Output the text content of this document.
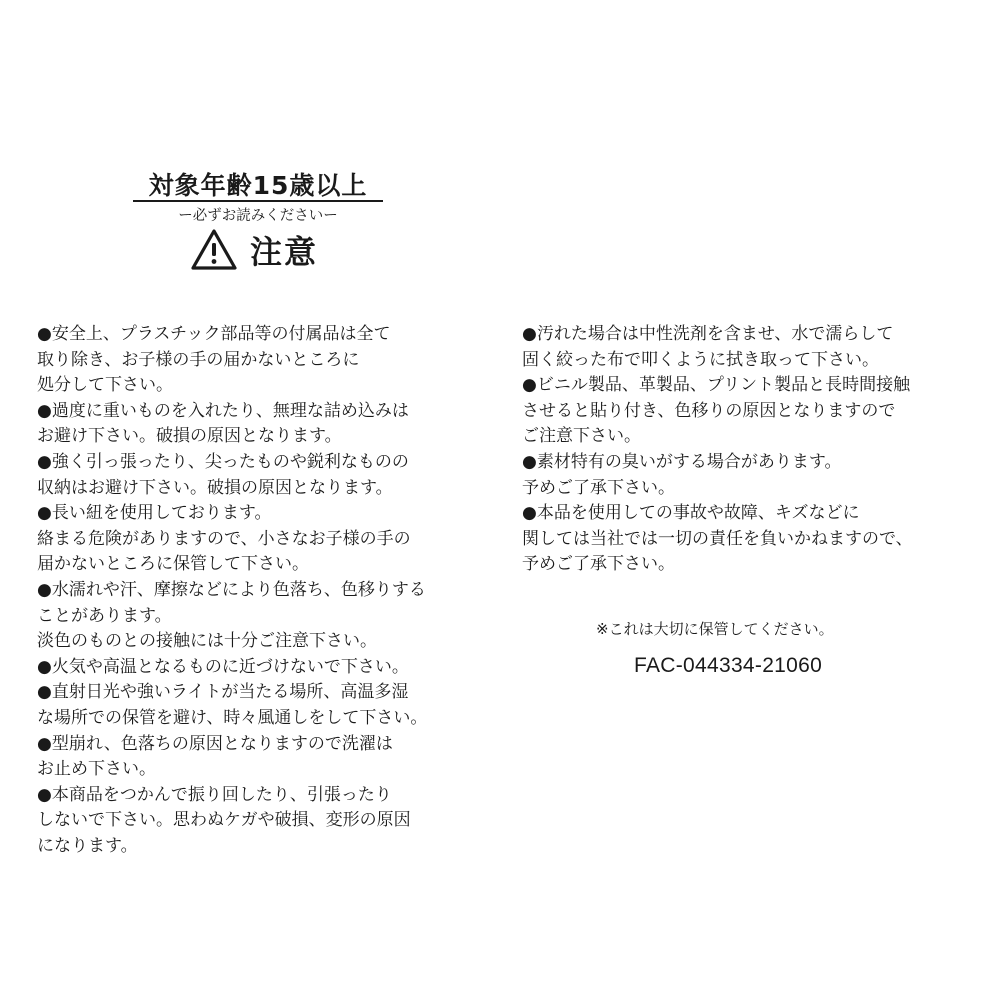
対象年齢15歳以上
ー必ずお読みくださいー
注意
●安全上、プラスチック部品等の付属品は全て
取り除き、お子様の手の届かないところに
処分して下さい。
●過度に重いものを入れたり、無理な詰め込みは
お避け下さい。破損の原因となります。
●強く引っ張ったり、尖ったものや鋭利なものの
収納はお避け下さい。破損の原因となります。
●長い紐を使用しております。
絡まる危険がありますので、小さなお子様の手の
届かないところに保管して下さい。
●水濡れや汗、摩擦などにより色落ち、色移りする
ことがあります。
淡色のものとの接触には十分ご注意下さい。
●火気や高温となるものに近づけないで下さい。
●直射日光や強いライトが当たる場所、高温多湿
な場所での保管を避け、時々風通しをして下さい。
●型崩れ、色落ちの原因となりますので洗濯は
お止め下さい。
●本商品をつかんで振り回したり、引張ったり
しないで下さい。思わぬケガや破損、変形の原因
になります。
●汚れた場合は中性洗剤を含ませ、水で濡らして
固く絞った布で叩くように拭き取って下さい。
●ビニル製品、革製品、プリント製品と長時間接触
させると貼り付き、色移りの原因となりますので
ご注意下さい。
●素材特有の臭いがする場合があります。
予めご了承下さい。
●本品を使用しての事故や故障、キズなどに
関しては当社では一切の責任を負いかねますので、
予めご了承下さい。
※これは大切に保管してください。
FAC-044334-21060
